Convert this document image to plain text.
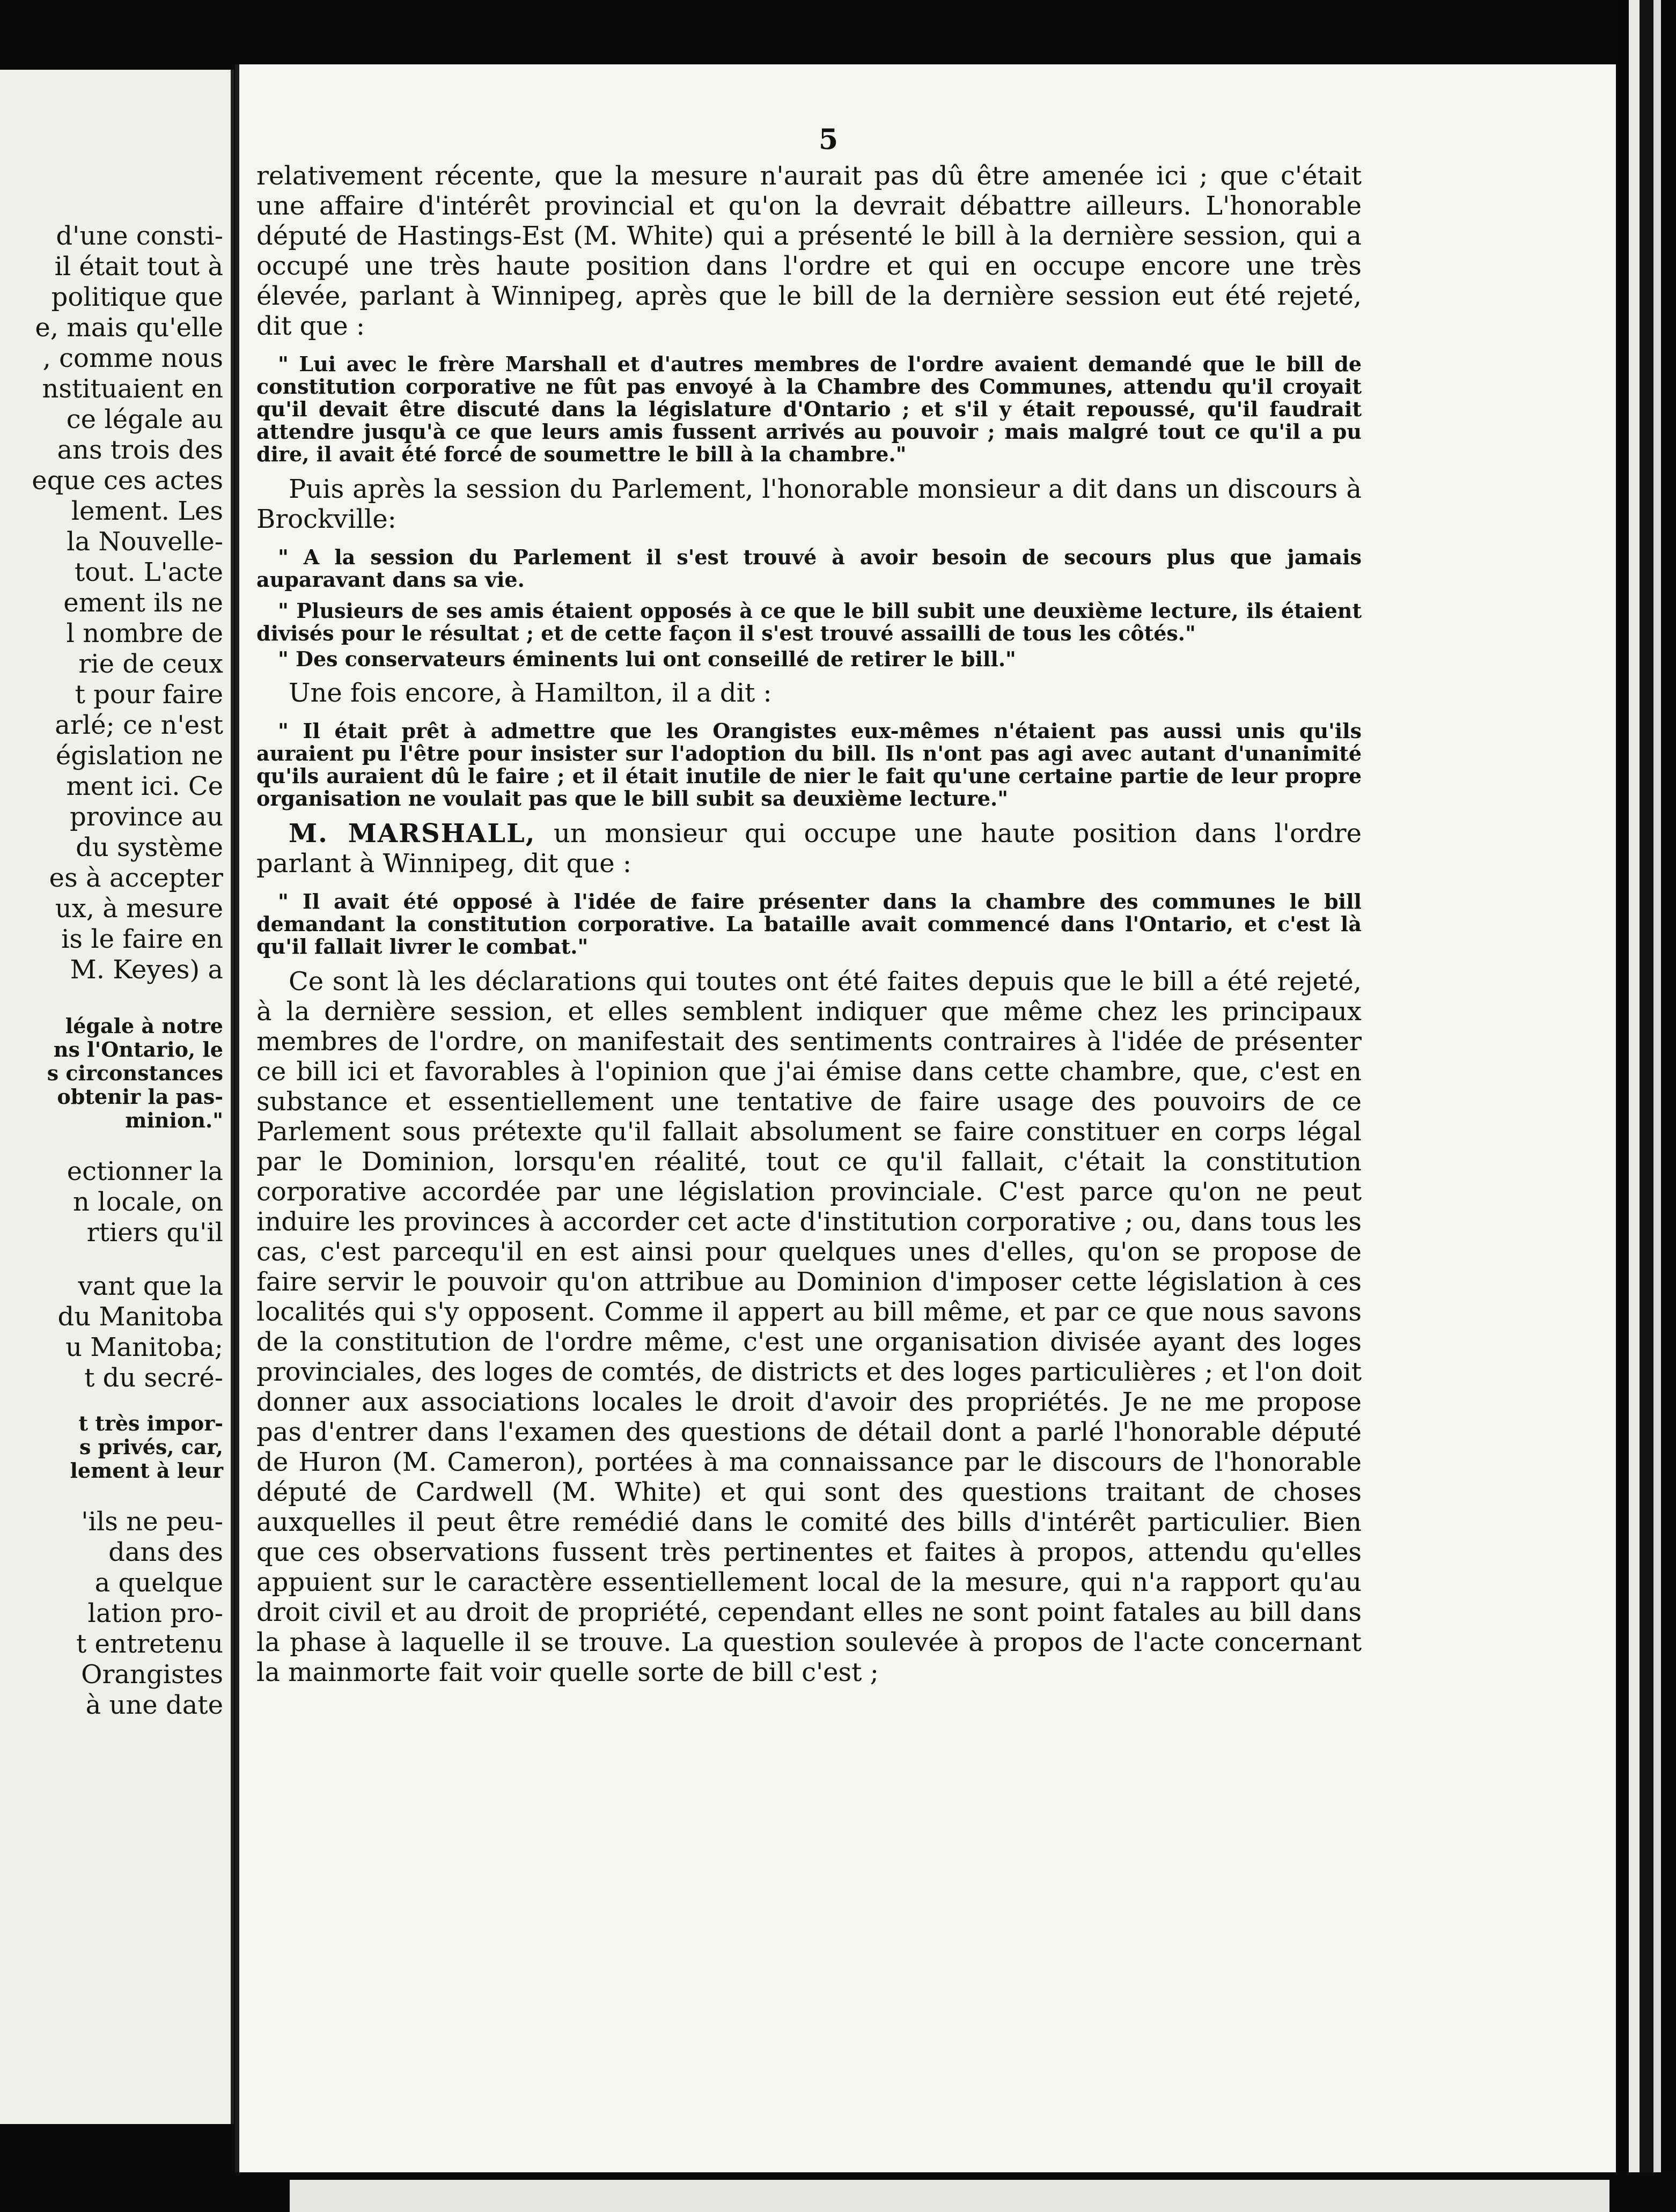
d'une consti-
il était tout à
politique que
e, mais qu'elle
, comme nous
nstituaient en
ce légale au
ans trois des
eque ces actes
lement. Les
la Nouvelle-
tout. L'acte
ement ils ne
l nombre de
rie de ceux
t pour faire
arlé; ce n'est
égislation ne
ment ici. Ce
province au
du système
es à accepter
ux, à mesure
is le faire en
M. Keyes) a
légale à notre
ns l'Ontario, le
s circonstances
obtenir la pas-
minion."
ectionner la
n locale, on
rtiers qu'il
vant que la
du Manitoba
u Manitoba;
t du secré-
t très impor-
s privés, car,
lement à leur
'ils ne peu-
dans des
a quelque
lation pro-
t entretenu
Orangistes
à une date
5

relativement récente, que la mesure n'aurait pas dû être amenée ici ; que c'était une affaire d'intérêt provincial et qu'on la devrait débattre ailleurs. L'honorable député de Hastings-Est (M. White) qui a présenté le bill à la dernière session, qui a occupé une très haute position dans l'ordre et qui en occupe encore une très élevée, parlant à Winnipeg, après que le bill de la dernière session eut été rejeté, dit que :

" Lui avec le frère Marshall et d'autres membres de l'ordre avaient demandé que le bill de constitution corporative ne fût pas envoyé à la Chambre des Communes, attendu qu'il croyait qu'il devait être discuté dans la législature d'Ontario ; et s'il y était repoussé, qu'il faudrait attendre jusqu'à ce que leurs amis fussent arrivés au pouvoir ; mais malgré tout ce qu'il a pu dire, il avait été forcé de soumettre le bill à la chambre."

Puis après la session du Parlement, l'honorable monsieur a dit dans un discours à Brockville:

" A la session du Parlement il s'est trouvé à avoir besoin de secours plus que jamais auparavant dans sa vie.

" Plusieurs de ses amis étaient opposés à ce que le bill subit une deuxième lecture, ils étaient divisés pour le résultat ; et de cette façon il s'est trouvé assailli de tous les côtés."

" Des conservateurs éminents lui ont conseillé de retirer le bill."

Une fois encore, à Hamilton, il a dit :

" Il était prêt à admettre que les Orangistes eux-mêmes n'étaient pas aussi unis qu'ils auraient pu l'être pour insister sur l'adoption du bill. Ils n'ont pas agi avec autant d'unanimité qu'ils auraient dû le faire ; et il était inutile de nier le fait qu'une certaine partie de leur propre organisation ne voulait pas que le bill subit sa deuxième lecture."

M. MARSHALL, un monsieur qui occupe une haute position dans l'ordre parlant à Winnipeg, dit que :

" Il avait été opposé à l'idée de faire présenter dans la chambre des communes le bill demandant la constitution corporative. La bataille avait commencé dans l'Ontario, et c'est là qu'il fallait livrer le combat."

Ce sont là les déclarations qui toutes ont été faites depuis que le bill a été rejeté, à la dernière session, et elles semblent indiquer que même chez les principaux membres de l'ordre, on manifestait des sentiments contraires à l'idée de présenter ce bill ici et favorables à l'opinion que j'ai émise dans cette chambre, que, c'est en substance et essentiellement une tentative de faire usage des pouvoirs de ce Parlement sous prétexte qu'il fallait absolument se faire constituer en corps légal par le Dominion, lorsqu'en réalité, tout ce qu'il fallait, c'était la constitution corporative accordée par une législation provinciale. C'est parce qu'on ne peut induire les provinces à accorder cet acte d'institution corporative ; ou, dans tous les cas, c'est parcequ'il en est ainsi pour quelques unes d'elles, qu'on se propose de faire servir le pouvoir qu'on attribue au Dominion d'imposer cette législation à ces localités qui s'y opposent. Comme il appert au bill même, et par ce que nous savons de la constitution de l'ordre même, c'est une organisation divisée ayant des loges provinciales, des loges de comtés, de districts et des loges particulières ; et l'on doit donner aux associations locales le droit d'avoir des propriétés. Je ne me propose pas d'entrer dans l'examen des questions de détail dont a parlé l'honorable député de Huron (M. Cameron), portées à ma connaissance par le discours de l'honorable député de Cardwell (M. White) et qui sont des questions traitant de choses auxquelles il peut être remédié dans le comité des bills d'intérêt particulier. Bien que ces observations fussent très pertinentes et faites à propos, attendu qu'elles appuient sur le caractère essentiellement local de la mesure, qui n'a rapport qu'au droit civil et au droit de propriété, cependant elles ne sont point fatales au bill dans la phase à laquelle il se trouve. La question soulevée à propos de l'acte concernant la mainmorte fait voir quelle sorte de bill c'est ;
